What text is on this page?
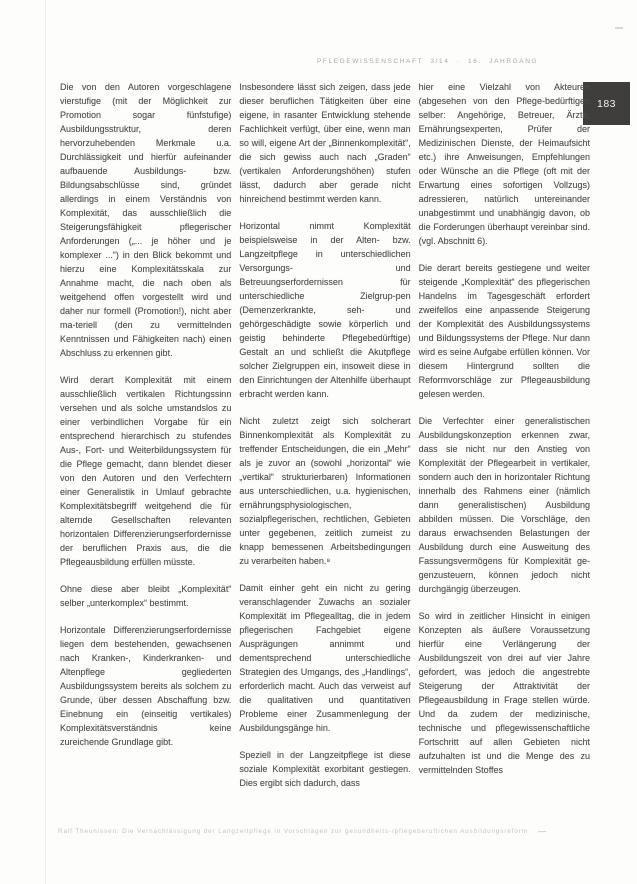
PFLEGEWISSENSCHAFT 3/14 · 16. JAHRGANG
183

Die von den Autoren vorgeschlagene vierstufige (mit der Möglichkeit zur Promotion sogar fünfstufige) Ausbildungsstruktur, deren hervorzuhebenden Merkmale u.a. Durchlässigkeit und hierfür aufeinander aufbauende Ausbildungs- bzw. Bildungsabschlüsse sind, gründet allerdings in einem Verständnis von Komplexität, das ausschließlich die Steigerungsfähigkeit pflegerischer Anforderungen („... je höher und je komplexer ...“) in den Blick bekommt und hierzu eine Komplexitätsskala zur Annahme macht, die nach oben als weitgehend offen vorgestellt wird und daher nur formell (Promotion!), nicht aber ma-teriell (den zu vermittelnden Kenntnissen und Fähigkeiten nach) einen Abschluss zu erkennen gibt.

Wird derart Komplexität mit einem ausschließlich vertikalen Richtungssinn versehen und als solche umstandslos zu einer verbindlichen Vorgabe für ein entsprechend hierarchisch zu stufendes Aus-, Fort- und Weiterbildungssystem für die Pflege gemacht, dann blendet dieser von den Autoren und den Verfechtern einer Generalistik in Umlauf gebrachte Komplexitätsbegriff weitgehend die für alternde Gesellschaften relevanten horizontalen Differenzierungserfordernisse der beruflichen Praxis aus, die die Pflegeausbildung erfüllen müsste.

Ohne diese aber bleibt „Komplexität“ selber „unterkomplex“ bestimmt.

Horizontale Differenzierungserfordernisse liegen dem bestehenden, gewachsenen nach Kranken-, Kinderkranken- und Altenpflege gegliederten Ausbildungssystem bereits als solchem zu Grunde, über dessen Abschaffung bzw. Einebnung ein (einseitig vertikales) Komplexitätsverständnis keine zureichende Grundlage gibt.

Insbesondere lässt sich zeigen, dass jede dieser beruflichen Tätigkeiten über eine eigene, in rasanter Entwicklung stehende Fachlichkeit verfügt, über eine, wenn man so will, eigene Art der „Binnenkomplexität“, die sich gewiss auch nach „Graden“ (vertikalen Anforderungshöhen) stufen lässt, dadurch aber gerade nicht hinreichend bestimmt werden kann.

Horizontal nimmt Komplexität beispielsweise in der Alten- bzw. Langzeitpflege in unterschiedlichen Versorgungs- und Betreuungserfordernissen für unterschiedliche Zielgrup-pen (Demenzerkrankte, seh- und gehörgeschädigte sowie körperlich und geistig behinderte Pflegebedürftige) Gestalt an und schließt die Akutpflege solcher Zielgruppen ein, insoweit diese in den Einrichtungen der Altenhilfe überhaupt erbracht werden kann.

Nicht zuletzt zeigt sich solcherart Binnenkomplexität als Komplexität zu treffender Entscheidungen, die ein „Mehr“ als je zuvor an (sowohl „horizontal“ wie „vertikal“ strukturierbaren) Informationen aus unterschiedlichen, u.a. hygienischen, ernährungsphysiologischen, sozialpflegerischen, rechtlichen, Gebieten unter gegebenen, zeitlich zumeist zu knapp bemessenen Arbeitsbedingungen zu verarbeiten haben.⁹

Damit einher geht ein nicht zu gering veranschlagender Zuwachs an sozialer Komplexität im Pflegealltag, die in jedem pflegerischen Fachgebiet eigene Ausprägungen annimmt und dementsprechend unterschiedliche Strategien des Umgangs, des „Handlings“, erforderlich macht. Auch das verweist auf die qualitativen und quantitativen Probleme einer Zusammenlegung der Ausbildungsgänge hin.

Speziell in der Langzeitpflege ist diese soziale Komplexität exorbitant gestiegen. Dies ergibt sich dadurch, dass

hier eine Vielzahl von Akteuren (abgesehen von den Pflege-bedürftigen selber: Angehörige, Betreuer, Ärzte, Ernährungsexperten, Prüfer der Medizinischen Dienste, der Heimaufsicht etc.) ihre Anweisungen, Empfehlungen oder Wünsche an die Pflege (oft mit der Erwartung eines sofortigen Vollzugs) adressieren, natürlich untereinander unabgestimmt und unabhängig davon, ob die Forderungen überhaupt vereinbar sind. (vgl. Abschnitt 6).

Die derart bereits gestiegene und weiter steigende „Komplexität“ des pflegerischen Handelns im Tagesgeschäft erfordert zweifellos eine anpassende Steigerung der Komplexität des Ausbildungssystems und Bildungssystems der Pflege. Nur dann wird es seine Aufgabe erfüllen können. Vor diesem Hintergrund sollten die Reformvorschläge zur Pflegeausbildung gelesen werden.

Die Verfechter einer generalistischen Ausbildungskonzeption erkennen zwar, dass sie nicht nur den Anstieg von Komplexität der Pflegearbeit in vertikaler, sondern auch den in horizontaler Richtung innerhalb des Rahmens einer (nämlich dann generalistischen) Ausbildung abbilden müssen. Die Vorschläge, den daraus erwachsenden Belastungen der Ausbildung durch eine Ausweitung des Fassungsvermögens für Komplexität ge-genzusteuern, können jedoch nicht durchgängig überzeugen.

So wird in zeitlicher Hinsicht in einigen Konzepten als äußere Voraussetzung hierfür eine Verlängerung der Ausbildungszeit von drei auf vier Jahre gefordert, was jedoch die angestrebte Steigerung der Attraktivität der Pflegeausbildung in Frage stellen würde. Und da zudem der medizinische, technische und pflegewissenschaftliche Fortschritt auf allen Gebieten nicht aufzuhalten ist und die Menge des zu vermittelnden Stoffes

Ralf Theunissen: Die Vernachlässigung der Langzeitpflege in Vorschlägen zur gesundheits-/pflegeberuflichen Ausbildungsreform —
